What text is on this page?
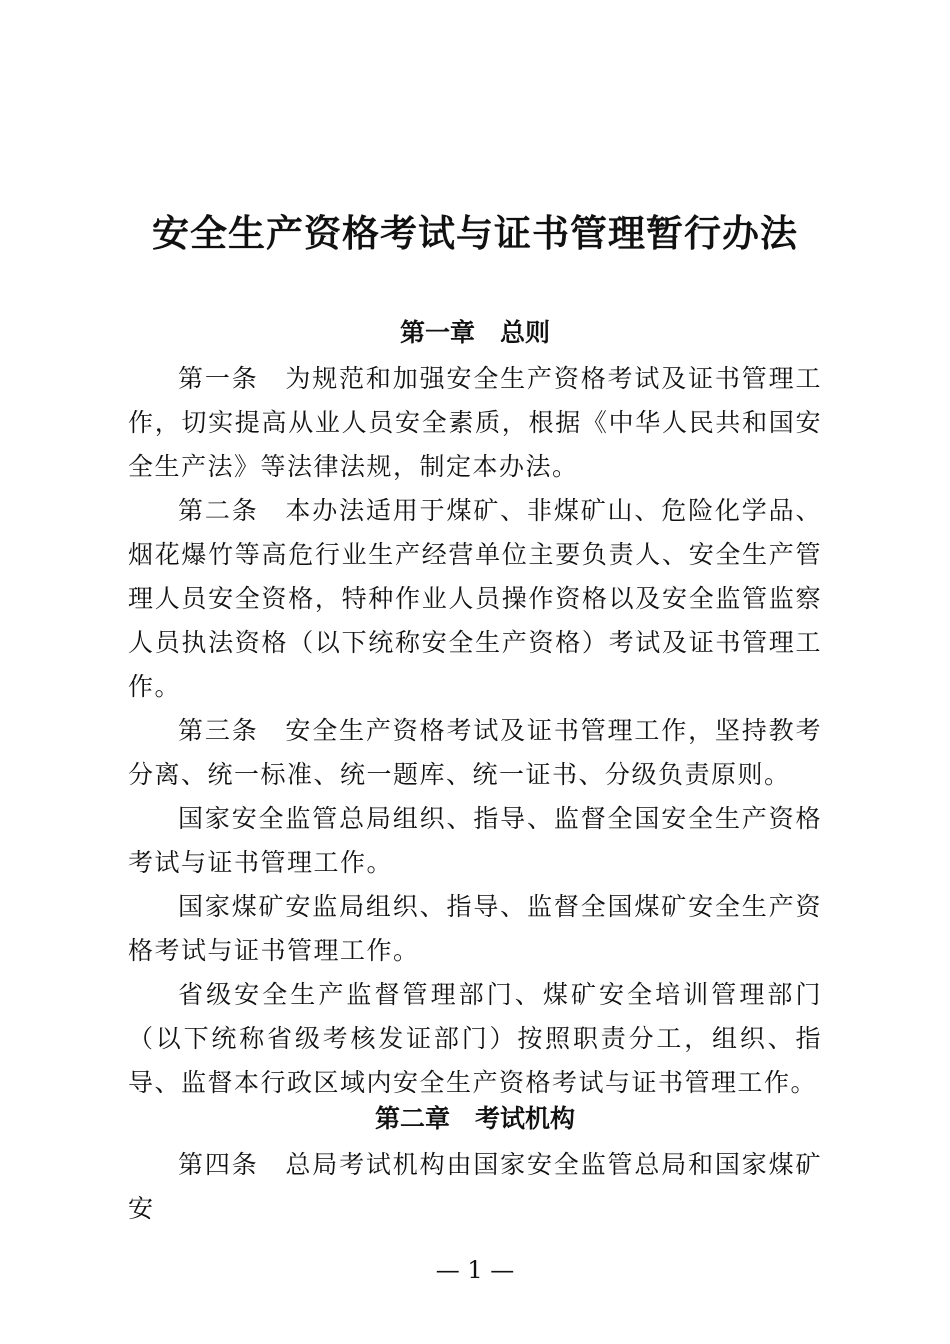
安全生产资格考试与证书管理暂行办法
第一章　总则

第一条　为规范和加强安全生产资格考试及证书管理工作，切实提高从业人员安全素质，根据《中华人民共和国安全生产法》等法律法规，制定本办法。

第二条　本办法适用于煤矿、非煤矿山、危险化学品、烟花爆竹等高危行业生产经营单位主要负责人、安全生产管理人员安全资格，特种作业人员操作资格以及安全监管监察人员执法资格（以下统称安全生产资格）考试及证书管理工作。

第三条　安全生产资格考试及证书管理工作，坚持教考分离、统一标准、统一题库、统一证书、分级负责原则。

国家安全监管总局组织、指导、监督全国安全生产资格考试与证书管理工作。

国家煤矿安监局组织、指导、监督全国煤矿安全生产资格考试与证书管理工作。

省级安全生产监督管理部门、煤矿安全培训管理部门（以下统称省级考核发证部门）按照职责分工，组织、指导、监督本行政区域内安全生产资格考试与证书管理工作。

第二章　考试机构

第四条　总局考试机构由国家安全监管总局和国家煤矿安

— 1 —
